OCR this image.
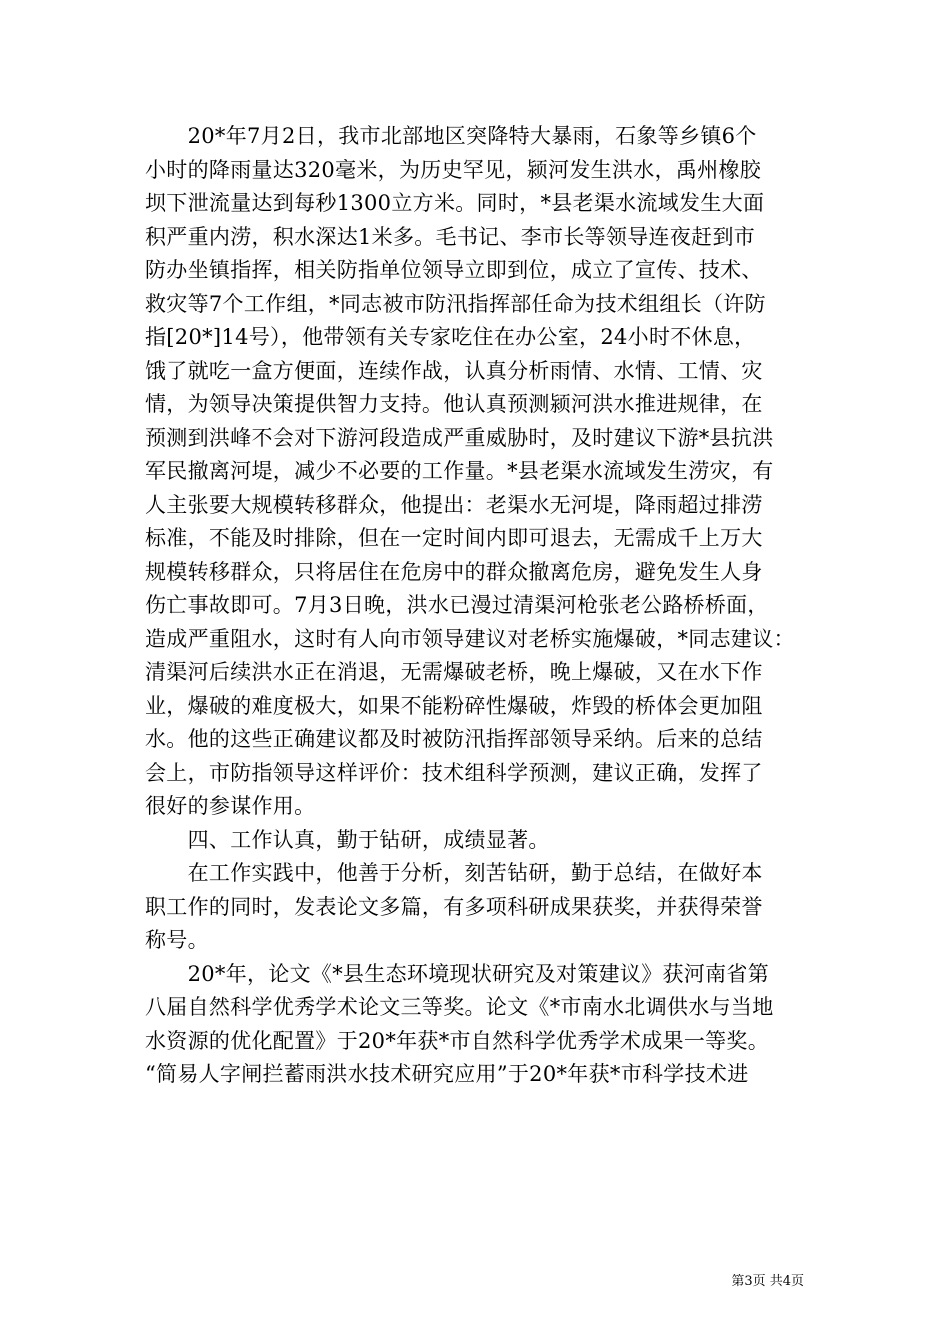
　　20*年7月2日，我市北部地区突降特大暴雨，石象等乡镇6个
小时的降雨量达320毫米，为历史罕见，颍河发生洪水，禹州橡胶
坝下泄流量达到每秒1300立方米。同时，*县老渠水流域发生大面
积严重内涝，积水深达1米多。毛书记、李市长等领导连夜赶到市
防办坐镇指挥，相关防指单位领导立即到位，成立了宣传、技术、
救灾等7个工作组，*同志被市防汛指挥部任命为技术组组长（许防
指[20*]14号），他带领有关专家吃住在办公室，24小时不休息，
饿了就吃一盒方便面，连续作战，认真分析雨情、水情、工情、灾
情，为领导决策提供智力支持。他认真预测颍河洪水推进规律，在
预测到洪峰不会对下游河段造成严重威胁时，及时建议下游*县抗洪
军民撤离河堤，减少不必要的工作量。*县老渠水流域发生涝灾，有
人主张要大规模转移群众，他提出：老渠水无河堤，降雨超过排涝
标准，不能及时排除，但在一定时间内即可退去，无需成千上万大
规模转移群众，只将居住在危房中的群众撤离危房，避免发生人身
伤亡事故即可。7月3日晚，洪水已漫过清渠河枪张老公路桥桥面，
造成严重阻水，这时有人向市领导建议对老桥实施爆破，*同志建议：
清渠河后续洪水正在消退，无需爆破老桥，晚上爆破，又在水下作
业，爆破的难度极大，如果不能粉碎性爆破，炸毁的桥体会更加阻
水。他的这些正确建议都及时被防汛指挥部领导采纳。后来的总结
会上，市防指领导这样评价：技术组科学预测，建议正确，发挥了
很好的参谋作用。
　　四、工作认真，勤于钻研，成绩显著。
　　在工作实践中，他善于分析，刻苦钻研，勤于总结，在做好本
职工作的同时，发表论文多篇，有多项科研成果获奖，并获得荣誉
称号。
　　20*年，论文《*县生态环境现状研究及对策建议》获河南省第
八届自然科学优秀学术论文三等奖。论文《*市南水北调供水与当地
水资源的优化配置》于20*年获*市自然科学优秀学术成果一等奖。
“简易人字闸拦蓄雨洪水技术研究应用”于20*年获*市科学技术进
第3页 共4页
